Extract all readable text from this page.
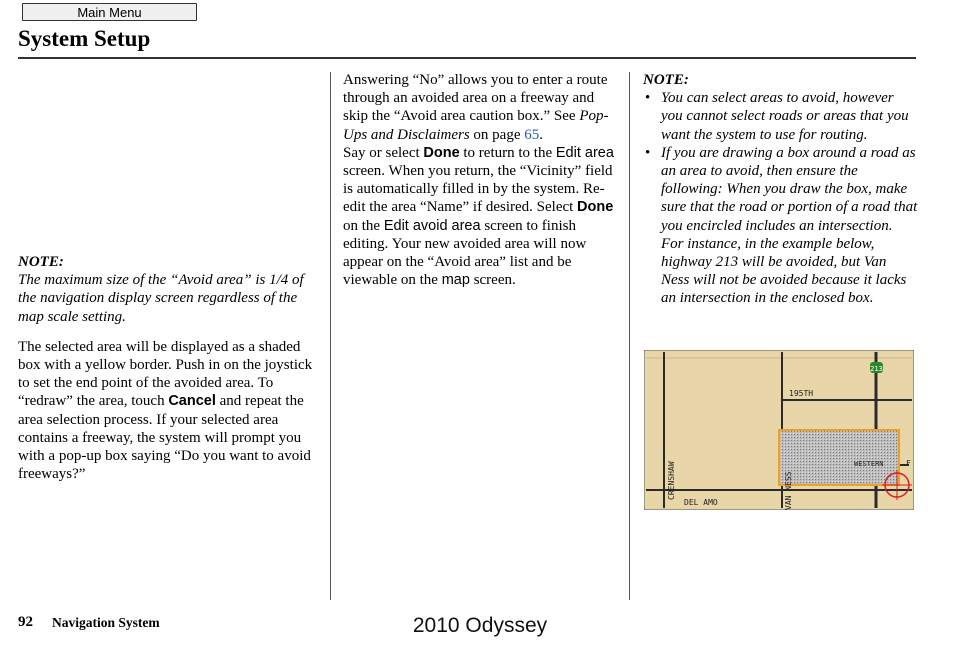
Main Menu
System Setup

NOTE:

The maximum size of the “Avoid area” is 1/4 of the navigation display screen regardless of the map scale setting.

The selected area will be displayed as a shaded box with a yellow border. Push in on the joystick to set the end point of the avoided area. To “redraw” the area, touch Cancel and repeat the area selection process. If your selected area contains a freeway, the system will prompt you with a pop-up box saying “Do you want to avoid freeways?”

Answering “No” allows you to enter a route through an avoided area on a freeway and skip the “Avoid area caution box.” See Pop-Ups and Disclaimers on page 65.

Say or select Done to return to the Edit area screen. When you return, the “Vicinity” field is automatically filled in by the system. Re-edit the area “Name” if desired. Select Done on the Edit avoid area screen to finish editing. Your new avoided area will now appear on the “Avoid area” list and be viewable on the map screen.

NOTE:

• You can select areas to avoid, however you cannot select roads or areas that you want the system to use for routing.
• If you are drawing a box around a road as an area to avoid, then ensure the following: When you draw the box, make sure that the road or portion of a road that you encircled includes an intersection. For instance, in the example below, highway 213 will be avoided, but Van Ness will not be avoided because it lacks an intersection in the enclosed box.
213
195TH
WESTERN	F
DEL AMO
CRENSHAW	VAN NESS
92 Navigation System	2010 Odyssey
